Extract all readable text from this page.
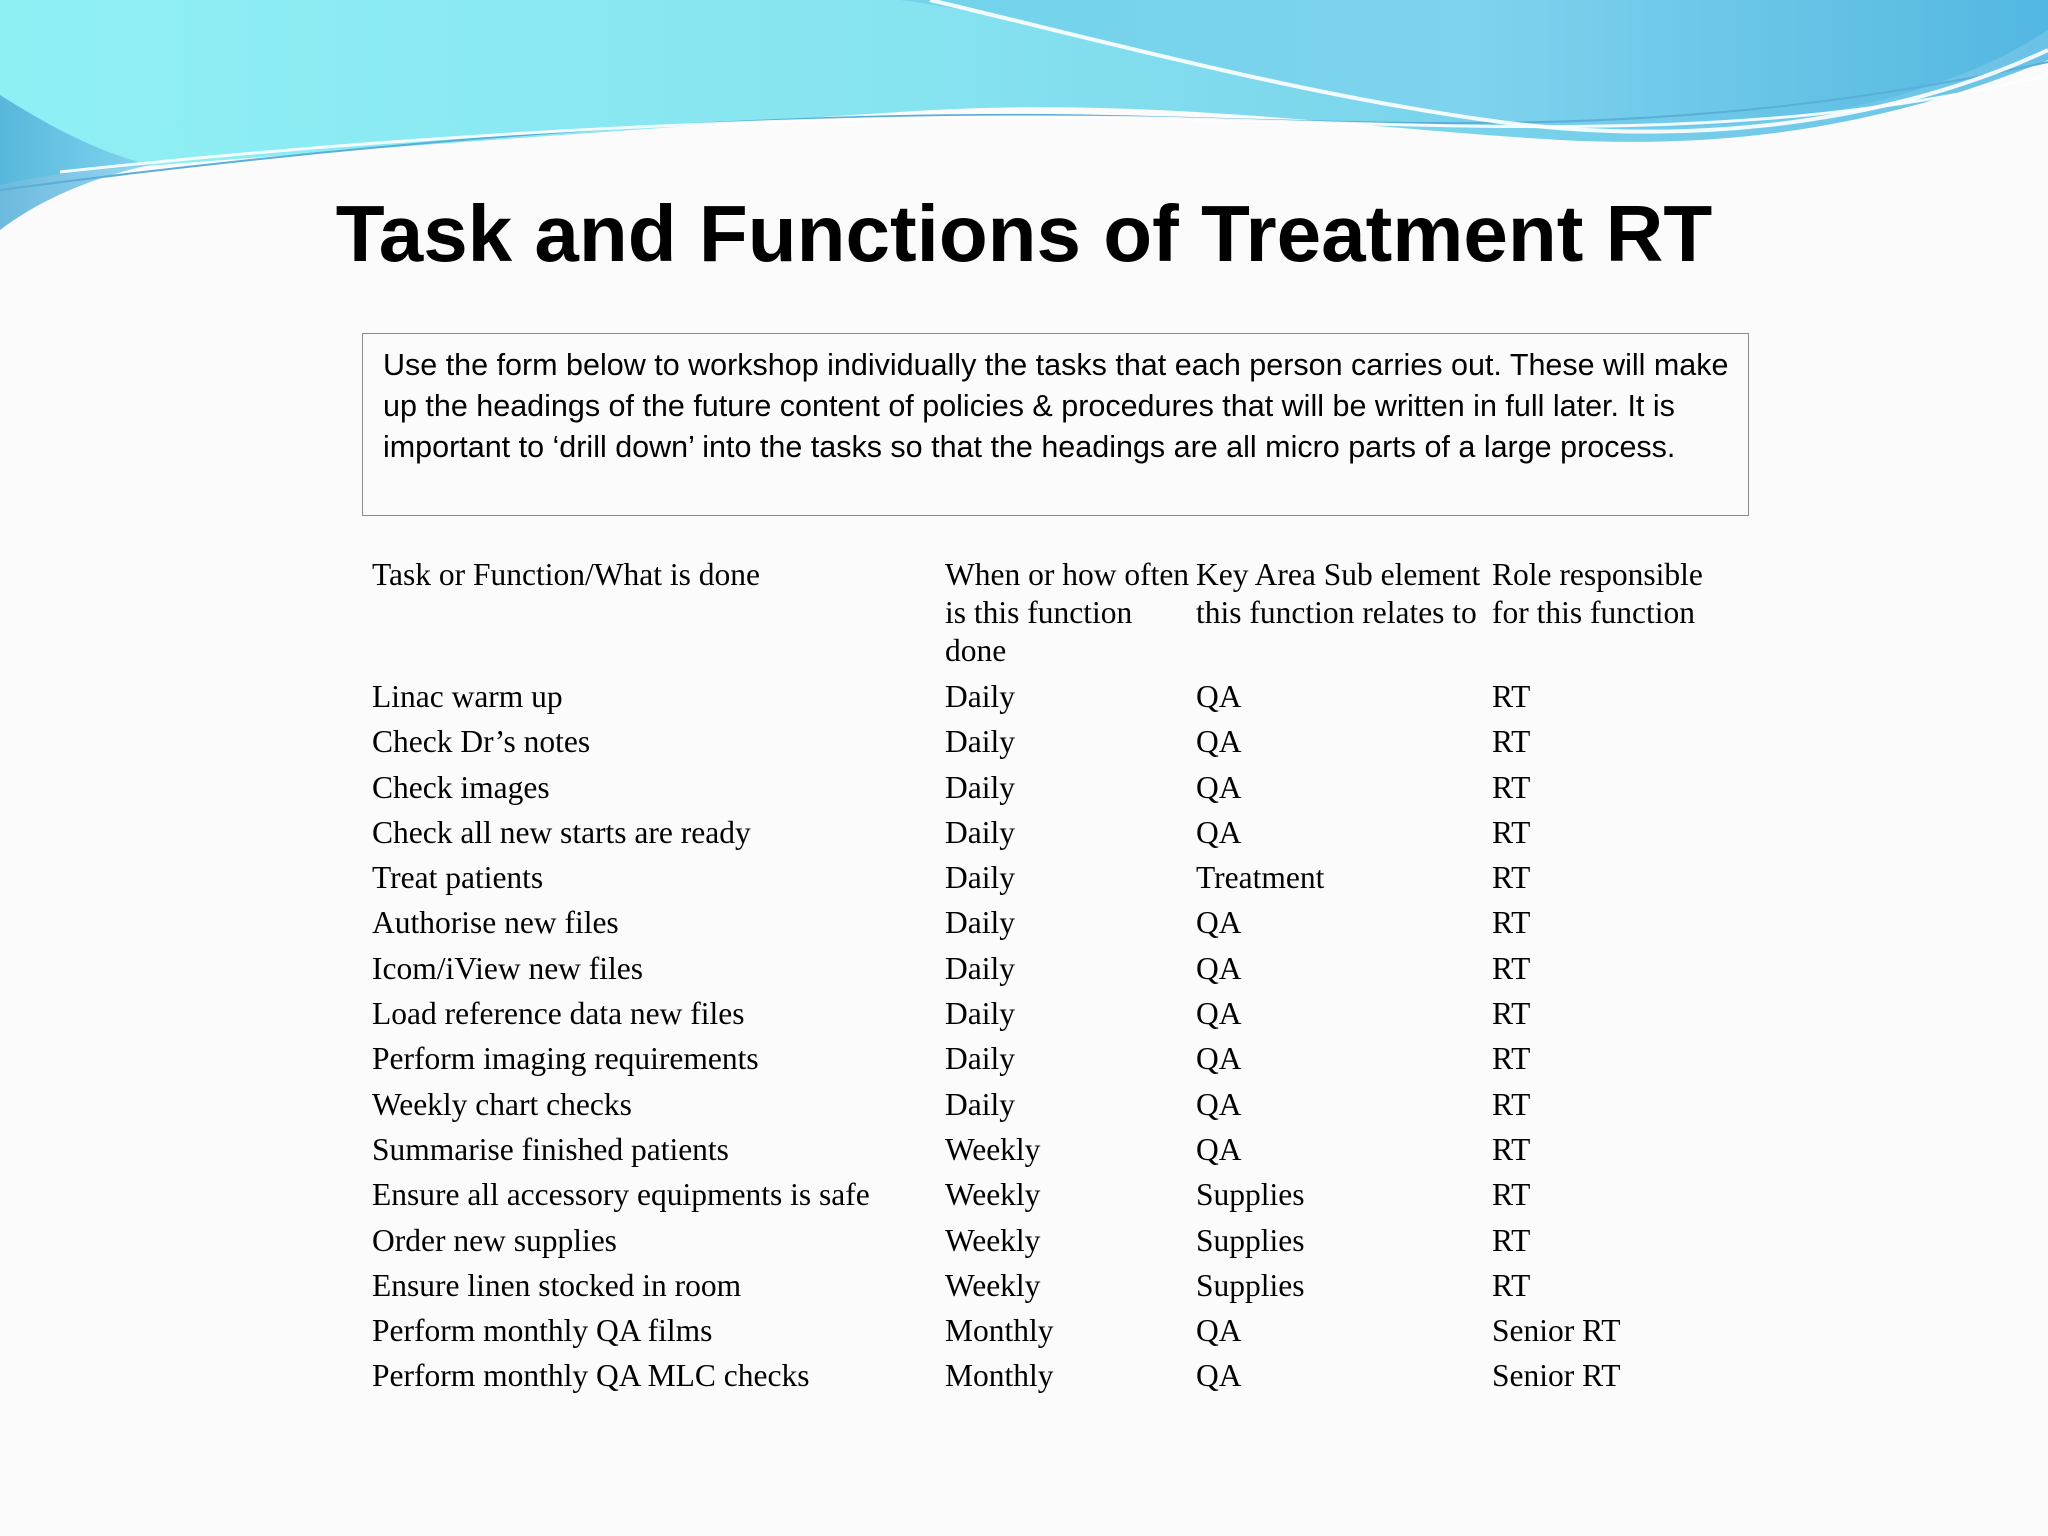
Task and Functions of Treatment RT
Use the form below to workshop individually the tasks that each person carries out. These will make up the headings of the future content of policies & procedures that will be written in full later. It is important to ‘drill down’ into the tasks so that the headings are all micro parts of a large process.
Task or Function/What is done	When or how often is this function done	Key Area Sub element this function relates to	Role responsible for this function
Linac warm up	Daily	QA	RT
Check Dr’s notes	Daily	QA	RT
Check images	Daily	QA	RT
Check all new starts are ready	Daily	QA	RT
Treat patients	Daily	Treatment	RT
Authorise new files	Daily	QA	RT
Icom/iView new files	Daily	QA	RT
Load reference data new files	Daily	QA	RT
Perform imaging requirements	Daily	QA	RT
Weekly chart checks	Daily	QA	RT
Summarise finished patients	Weekly	QA	RT
Ensure all accessory equipments is safe	Weekly	Supplies	RT
Order new supplies	Weekly	Supplies	RT
Ensure linen stocked in room	Weekly	Supplies	RT
Perform monthly QA films	Monthly	QA	Senior RT
Perform monthly QA MLC checks	Monthly	QA	Senior RT
